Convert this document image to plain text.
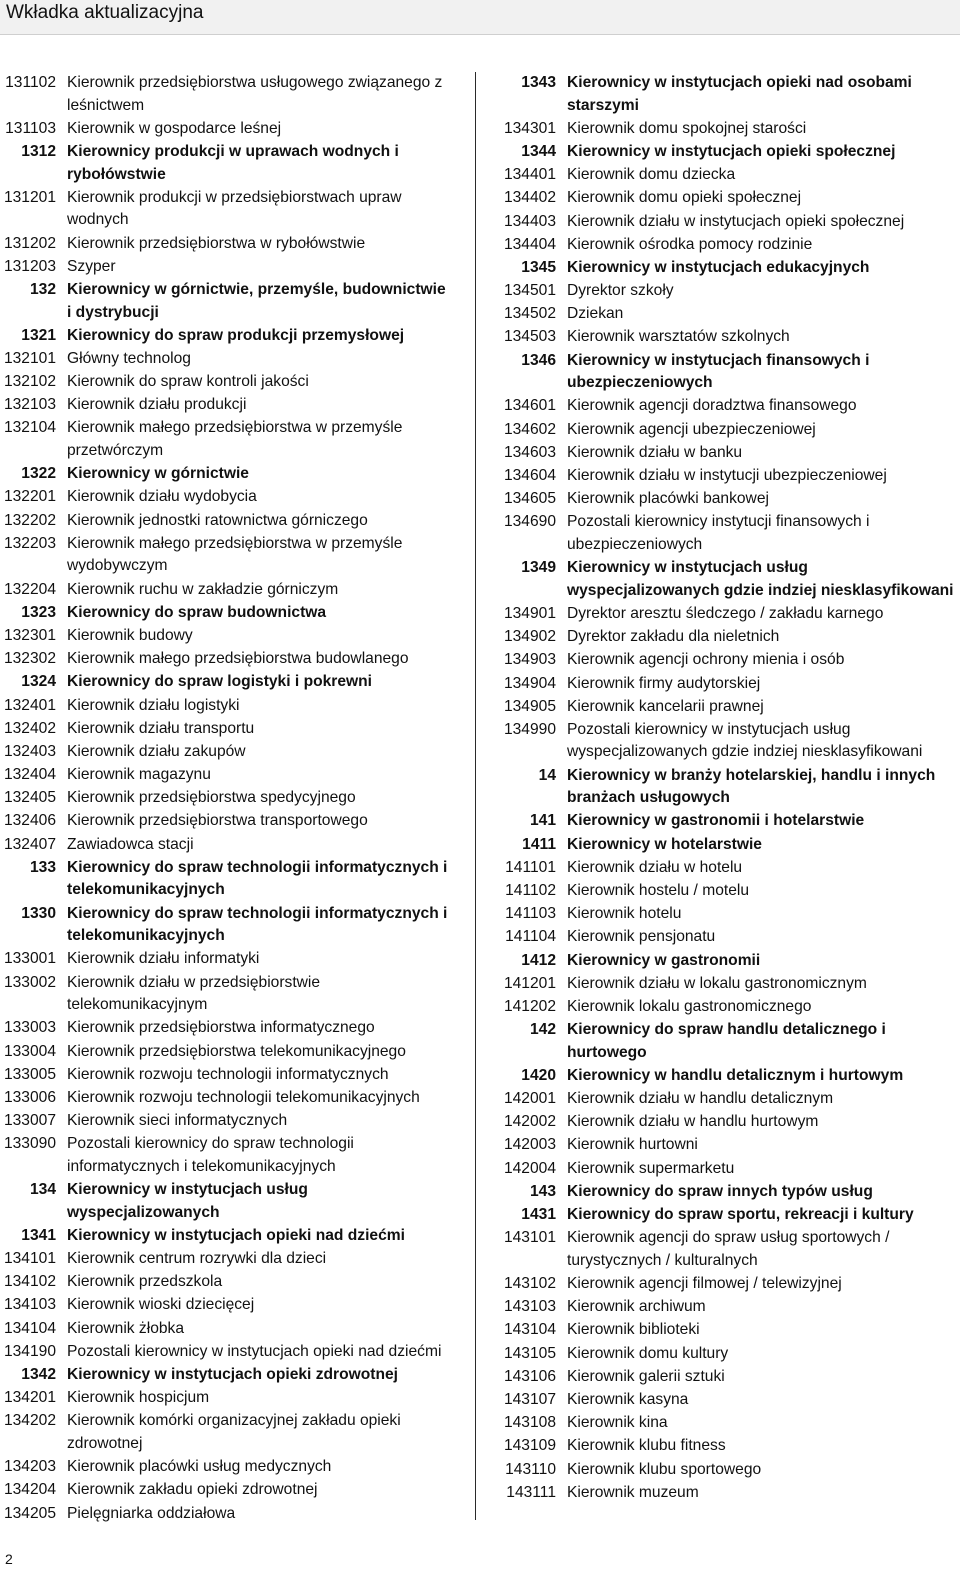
Wkładka aktualizacyjna
131102 Kierownik przedsiębiorstwa usługowego związanego z leśnictwem
131103 Kierownik w gospodarce leśnej
1312 Kierownicy produkcji w uprawach wodnych i rybołówstwie
131201 Kierownik produkcji w przedsiębiorstwach upraw wodnych
131202 Kierownik przedsiębiorstwa w rybołówstwie
131203 Szyper
132 Kierownicy w górnictwie, przemyśle, budownictwie i dystrybucji
1321 Kierownicy do spraw produkcji przemysłowej
132101 Główny technolog
132102 Kierownik do spraw kontroli jakości
132103 Kierownik działu produkcji
132104 Kierownik małego przedsiębiorstwa w przemyśle przetwórczym
1322 Kierownicy w górnictwie
132201 Kierownik działu wydobycia
132202 Kierownik jednostki ratownictwa górniczego
132203 Kierownik małego przedsiębiorstwa w przemyśle wydobywczym
132204 Kierownik ruchu w zakładzie górniczym
1323 Kierownicy do spraw budownictwa
132301 Kierownik budowy
132302 Kierownik małego przedsiębiorstwa budowlanego
1324 Kierownicy do spraw logistyki i pokrewni
132401 Kierownik działu logistyki
132402 Kierownik działu transportu
132403 Kierownik działu zakupów
132404 Kierownik magazynu
132405 Kierownik przedsiębiorstwa spedycyjnego
132406 Kierownik przedsiębiorstwa transportowego
132407 Zawiadowca stacji
133 Kierownicy do spraw technologii informatycznych i telekomunikacyjnych
1330 Kierownicy do spraw technologii informatycznych i telekomunikacyjnych
133001 Kierownik działu informatyki
133002 Kierownik działu w przedsiębiorstwie telekomunikacyjnym
133003 Kierownik przedsiębiorstwa informatycznego
133004 Kierownik przedsiębiorstwa telekomunikacyjnego
133005 Kierownik rozwoju technologii informatycznych
133006 Kierownik rozwoju technologii telekomunikacyjnych
133007 Kierownik sieci informatycznych
133090 Pozostali kierownicy do spraw technologii informatycznych i telekomunikacyjnych
134 Kierownicy w instytucjach usług wyspecjalizowanych
1341 Kierownicy w instytucjach opieki nad dziećmi
134101 Kierownik centrum rozrywki dla dzieci
134102 Kierownik przedszkola
134103 Kierownik wioski dziecięcej
134104 Kierownik żłobka
134190 Pozostali kierownicy w instytucjach opieki nad dziećmi
1342 Kierownicy w instytucjach opieki zdrowotnej
134201 Kierownik hospicjum
134202 Kierownik komórki organizacyjnej zakładu opieki zdrowotnej
134203 Kierownik placówki usług medycznych
134204 Kierownik zakładu opieki zdrowotnej
134205 Pielęgniarka oddziałowa
1343 Kierownicy w instytucjach opieki nad osobami starszymi
134301 Kierownik domu spokojnej starości
1344 Kierownicy w instytucjach opieki społecznej
134401 Kierownik domu dziecka
134402 Kierownik domu opieki społecznej
134403 Kierownik działu w instytucjach opieki społecznej
134404 Kierownik ośrodka pomocy rodzinie
1345 Kierownicy w instytucjach edukacyjnych
134501 Dyrektor szkoły
134502 Dziekan
134503 Kierownik warsztatów szkolnych
1346 Kierownicy w instytucjach finansowych i ubezpieczeniowych
134601 Kierownik agencji doradztwa finansowego
134602 Kierownik agencji ubezpieczeniowej
134603 Kierownik działu w banku
134604 Kierownik działu w instytucji ubezpieczeniowej
134605 Kierownik placówki bankowej
134690 Pozostali kierownicy instytucji finansowych i ubezpieczeniowych
1349 Kierownicy w instytucjach usług wyspecjalizowanych gdzie indziej niesklasyfikowani
134901 Dyrektor aresztu śledczego / zakładu karnego
134902 Dyrektor zakładu dla nieletnich
134903 Kierownik agencji ochrony mienia i osób
134904 Kierownik firmy audytorskiej
134905 Kierownik kancelarii prawnej
134990 Pozostali kierownicy w instytucjach usług wyspecjalizowanych gdzie indziej niesklasyfikowani
14 Kierownicy w branży hotelarskiej, handlu i innych branżach usługowych
141 Kierownicy w gastronomii i hotelarstwie
1411 Kierownicy w hotelarstwie
141101 Kierownik działu w hotelu
141102 Kierownik hostelu / motelu
141103 Kierownik hotelu
141104 Kierownik pensjonatu
1412 Kierownicy w gastronomii
141201 Kierownik działu w lokalu gastronomicznym
141202 Kierownik lokalu gastronomicznego
142 Kierownicy do spraw handlu detalicznego i hurtowego
1420 Kierownicy w handlu detalicznym i hurtowym
142001 Kierownik działu w handlu detalicznym
142002 Kierownik działu w handlu hurtowym
142003 Kierownik hurtowni
142004 Kierownik supermarketu
143 Kierownicy do spraw innych typów usług
1431 Kierownicy do spraw sportu, rekreacji i kultury
143101 Kierownik agencji do spraw usług sportowych / turystycznych / kulturalnych
143102 Kierownik agencji filmowej / telewizyjnej
143103 Kierownik archiwum
143104 Kierownik biblioteki
143105 Kierownik domu kultury
143106 Kierownik galerii sztuki
143107 Kierownik kasyna
143108 Kierownik kina
143109 Kierownik klubu fitness
143110 Kierownik klubu sportowego
143111 Kierownik muzeum
2
